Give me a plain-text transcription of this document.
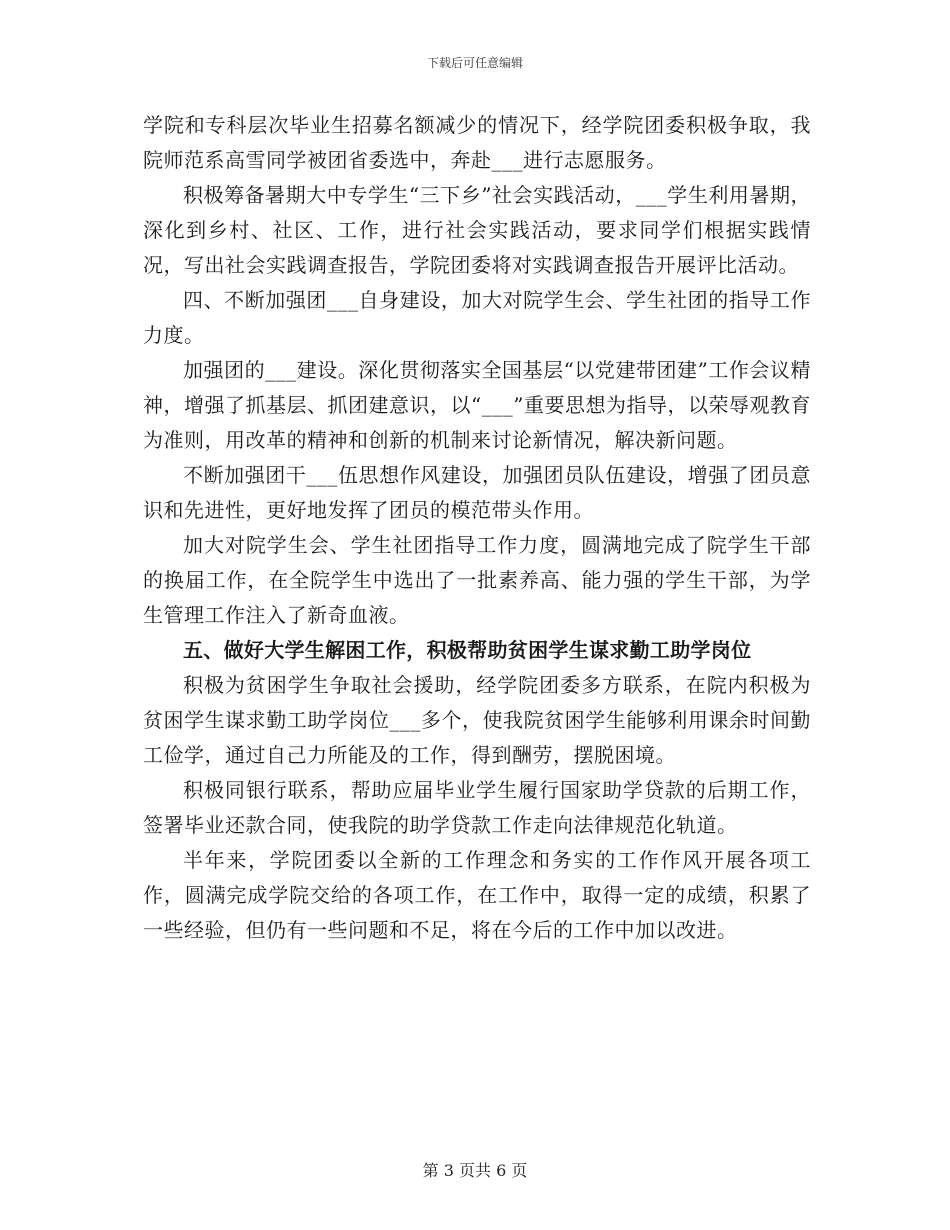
下载后可任意编辑

学院和专科层次毕业生招募名额减少的情况下，经学院团委积极争取，我院师范系高雪同学被团省委选中，奔赴___进行志愿服务。

积极筹备暑期大中专学生“三下乡”社会实践活动，___学生利用暑期，深化到乡村、社区、工作，进行社会实践活动，要求同学们根据实践情况，写出社会实践调查报告，学院团委将对实践调查报告开展评比活动。

四、不断加强团___自身建设，加大对院学生会、学生社团的指导工作力度。

加强团的___建设。深化贯彻落实全国基层“以党建带团建”工作会议精神，增强了抓基层、抓团建意识，以“___”重要思想为指导，以荣辱观教育为准则，用改革的精神和创新的机制来讨论新情况，解决新问题。

不断加强团干___伍思想作风建设，加强团员队伍建设，增强了团员意识和先进性，更好地发挥了团员的模范带头作用。

加大对院学生会、学生社团指导工作力度，圆满地完成了院学生干部的换届工作，在全院学生中选出了一批素养高、能力强的学生干部，为学生管理工作注入了新奇血液。

五、做好大学生解困工作，积极帮助贫困学生谋求勤工助学岗位

积极为贫困学生争取社会援助，经学院团委多方联系，在院内积极为贫困学生谋求勤工助学岗位___多个，使我院贫困学生能够利用课余时间勤工俭学，通过自己力所能及的工作，得到酬劳，摆脱困境。

积极同银行联系，帮助应届毕业学生履行国家助学贷款的后期工作，签署毕业还款合同，使我院的助学贷款工作走向法律规范化轨道。

半年来，学院团委以全新的工作理念和务实的工作作风开展各项工作，圆满完成学院交给的各项工作，在工作中，取得一定的成绩，积累了一些经验，但仍有一些问题和不足，将在今后的工作中加以改进。

第 3 页共 6 页
